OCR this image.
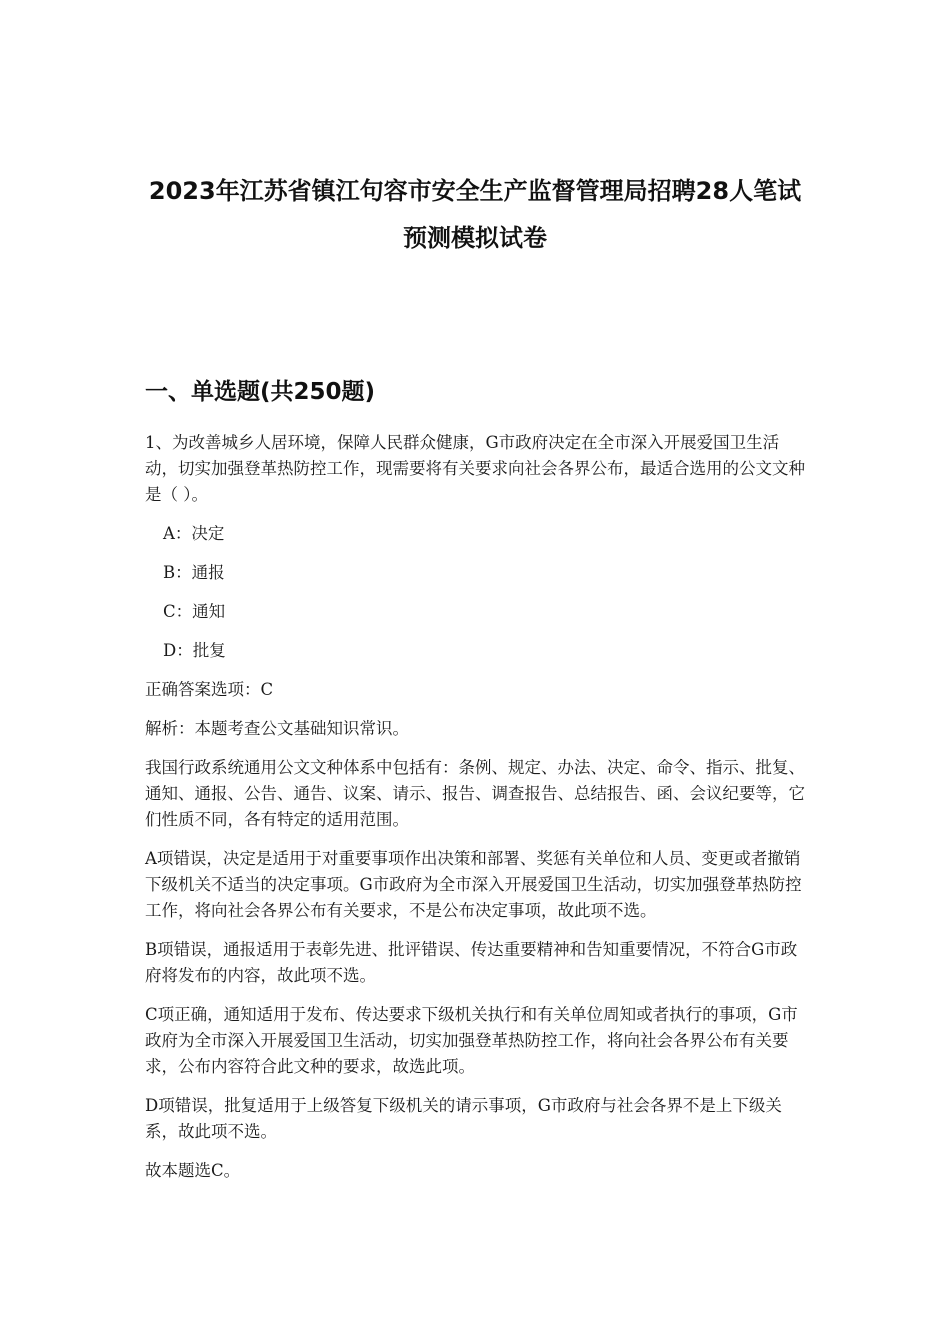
2023年江苏省镇江句容市安全生产监督管理局招聘28人笔试预测模拟试卷
一、单选题(共250题)

1、为改善城乡人居环境，保障人民群众健康，G市政府决定在全市深入开展爱国卫生活动，切实加强登革热防控工作，现需要将有关要求向社会各界公布，最适合选用的公文文种是（ ）。

A：决定
B：通报
C：通知
D：批复

正确答案选项：C

解析：本题考查公文基础知识常识。

我国行政系统通用公文文种体系中包括有：条例、规定、办法、决定、命令、指示、批复、通知、通报、公告、通告、议案、请示、报告、调查报告、总结报告、函、会议纪要等，它们性质不同，各有特定的适用范围。

A项错误，决定是适用于对重要事项作出决策和部署、奖惩有关单位和人员、变更或者撤销下级机关不适当的决定事项。G市政府为全市深入开展爱国卫生活动，切实加强登革热防控工作，将向社会各界公布有关要求，不是公布决定事项，故此项不选。

B项错误，通报适用于表彰先进、批评错误、传达重要精神和告知重要情况，不符合G市政府将发布的内容，故此项不选。

C项正确，通知适用于发布、传达要求下级机关执行和有关单位周知或者执行的事项，G市政府为全市深入开展爱国卫生活动，切实加强登革热防控工作，将向社会各界公布有关要求，公布内容符合此文种的要求，故选此项。

D项错误，批复适用于上级答复下级机关的请示事项，G市政府与社会各界不是上下级关系，故此项不选。

故本题选C。
